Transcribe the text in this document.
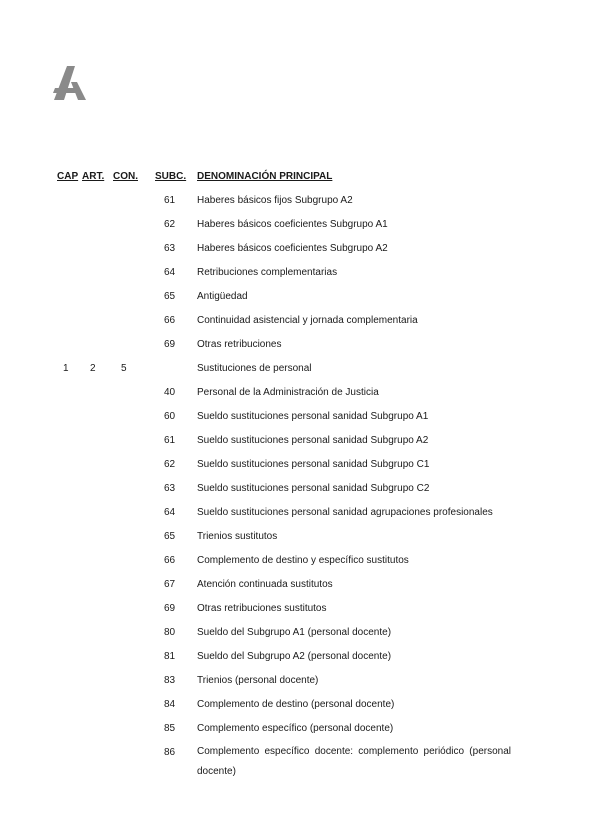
CAP ART. CON. SUBC. DENOMINACIÓN PRINCIPAL
61 Haberes básicos fijos Subgrupo A2
62 Haberes básicos coeficientes Subgrupo A1
63 Haberes básicos coeficientes Subgrupo A2
64 Retribuciones complementarias
65 Antigüedad
66 Continuidad asistencial y jornada complementaria
69 Otras retribuciones
1 2	5	Sustituciones de personal
40 Personal de la Administración de Justicia
60 Sueldo sustituciones personal sanidad Subgrupo A1
61 Sueldo sustituciones personal sanidad Subgrupo A2
62 Sueldo sustituciones personal sanidad Subgrupo C1
63 Sueldo sustituciones personal sanidad Subgrupo C2
64 Sueldo sustituciones personal sanidad agrupaciones profesionales
65 Trienios sustitutos
66 Complemento de destino y específico sustitutos
67 Atención continuada sustitutos
69 Otras retribuciones sustitutos
80 Sueldo del Subgrupo A1 (personal docente)
81 Sueldo del Subgrupo A2 (personal docente)
83 Trienios (personal docente)
84 Complemento de destino (personal docente)
85 Complemento específico (personal docente)
86 Complemento específico docente: complemento periódico (personal docente)
